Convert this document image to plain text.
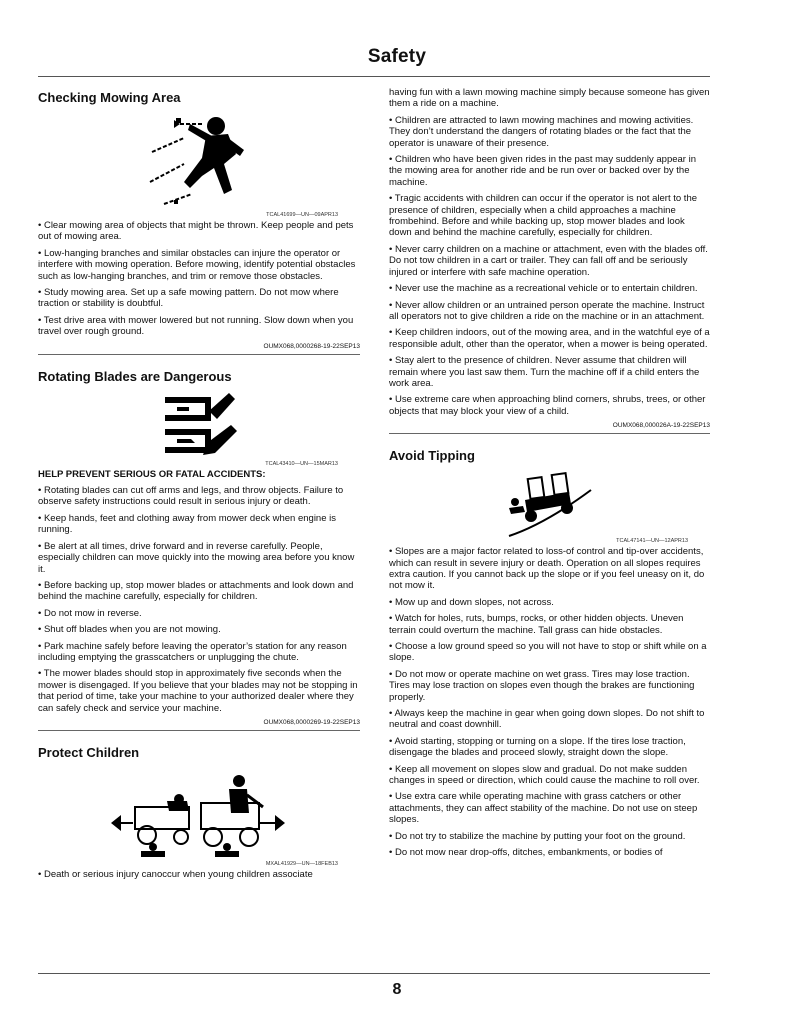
Safety
Checking Mowing Area
TCAL41699—UN—09APR13
• Clear mowing area of objects that might be thrown. Keep people and pets out of mowing area.
• Low-hanging branches and similar obstacles can injure the operator or interfere with mowing operation. Before mowing, identify potential obstacles such as low-hanging branches, and trim or remove those obstacles.
• Study mowing area. Set up a safe mowing pattern. Do not mow where traction or stability is doubtful.
• Test drive area with mower lowered but not running. Slow down when you travel over rough ground.
OUMX068,0000268-19-22SEP13
Rotating Blades are Dangerous
TCAL43410—UN—15MAR13
HELP PREVENT SERIOUS OR FATAL ACCIDENTS:
• Rotating blades can cut off arms and legs, and throw objects. Failure to observe safety instructions could result in serious injury or death.
• Keep hands, feet and clothing away from mower deck when engine is running.
• Be alert at all times, drive forward and in reverse carefully. People, especially children can move quickly into the mowing area before you know it.
• Before backing up, stop mower blades or attachments and look down and behind the machine carefully, especially for children.
• Do not mow in reverse.
• Shut off blades when you are not mowing.
• Park machine safely before leaving the operator’s station for any reason including emptying the grasscatchers or unplugging the chute.
• The mower blades should stop in approximately five seconds when the mower is disengaged. If you believe that your blades may not be stopping in that period of time, take your machine to your authorized dealer where they can safely check and service your machine.
OUMX068,0000269-19-22SEP13
Protect Children
MXAL41929—UN—18FEB13
• Death or serious injury canoccur when young children associate
having fun with a lawn mowing machine simply because someone has given them a ride on a machine.
• Children are attracted to lawn mowing machines and mowing activities. They don’t understand the dangers of rotating blades or the fact that the operator is unaware of their presence.
• Children who have been given rides in the past may suddenly appear in the mowing area for another ride and be run over or backed over by the machine.
• Tragic accidents with children can occur if the operator is not alert to the presence of children, especially when a child approaches a machine frombehind. Before and while backing up, stop mower blades and look down and behind the machine carefully, especially for children.
• Never carry children on a machine or attachment, even with the blades off. Do not tow children in a cart or trailer. They can fall off and be seriously injured or interfere with safe machine operation.
• Never use the machine as a recreational vehicle or to entertain children.
• Never allow children or an untrained person operate the machine. Instruct all operators not to give children a ride on the machine or in an attachment.
• Keep children indoors, out of the mowing area, and in the watchful eye of a responsible adult, other than the operator, when a mower is being operated.
• Stay alert to the presence of children. Never assume that children will remain where you last saw them. Turn the machine off if a child enters the work area.
• Use extreme care when approaching blind corners, shrubs, trees, or other objects that may block your view of a child.
OUMX068,000026A-19-22SEP13
Avoid Tipping
TCAL47141—UN—12APR13
• Slopes are a major factor related to loss-of control and tip-over accidents, which can result in severe injury or death. Operation on all slopes requires extra caution. If you cannot back up the slope or if you feel uneasy on it, do not mow it.
• Mow up and down slopes, not across.
• Watch for holes, ruts, bumps, rocks, or other hidden objects. Uneven terrain could overturn the machine. Tall grass can hide obstacles.
• Choose a low ground speed so you will not have to stop or shift while on a slope.
• Do not mow or operate machine on wet grass. Tires may lose traction. Tires may lose traction on slopes even though the brakes are functioning properly.
• Always keep the machine in gear when going down slopes. Do not shift to neutral and coast downhill.
• Avoid starting, stopping or turning on a slope. If the tires lose traction, disengage the blades and proceed slowly, straight down the slope.
• Keep all movement on slopes slow and gradual. Do not make sudden changes in speed or direction, which could cause the machine to roll over.
• Use extra care while operating machine with grass catchers or other attachments, they can affect stability of the machine. Do not use on steep slopes.
• Do not try to stabilize the machine by putting your foot on the ground.
• Do not mow near drop-offs, ditches, embankments, or bodies of
8
